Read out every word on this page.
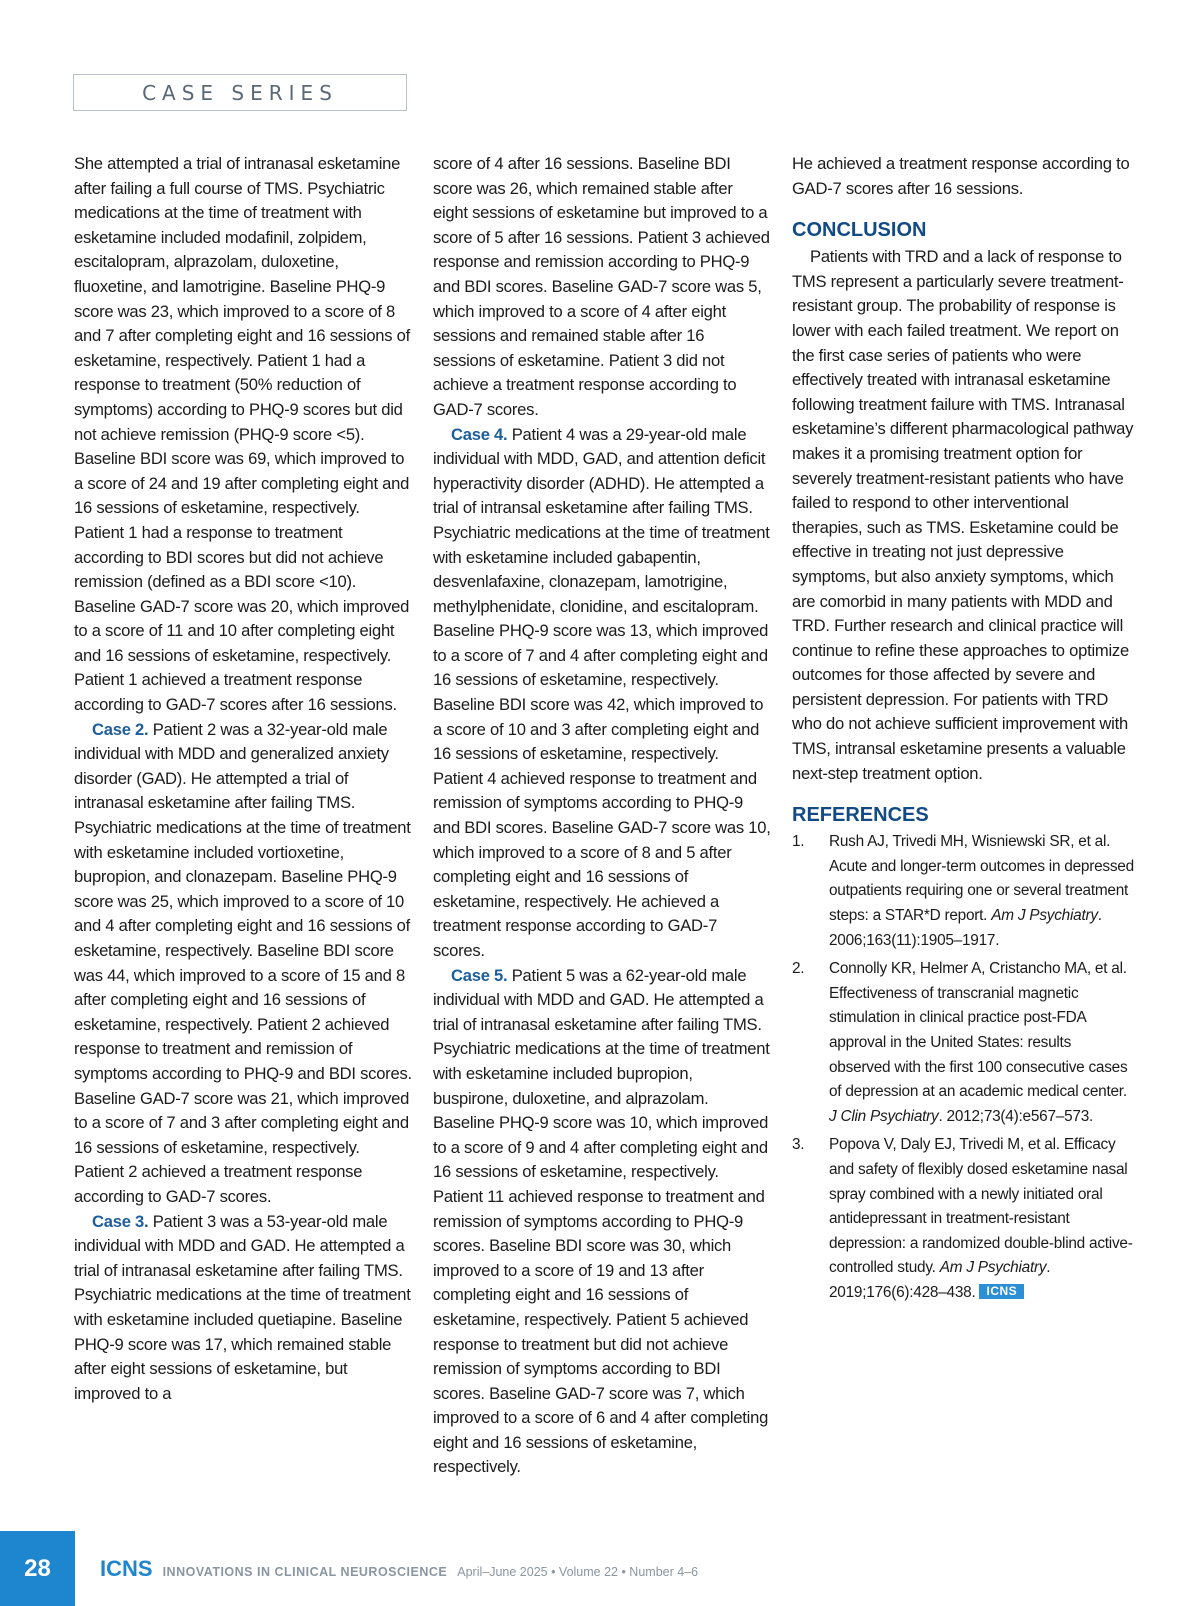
CASE SERIES

She attempted a trial of intranasal esketamine after failing a full course of TMS. Psychiatric medications at the time of treatment with esketamine included modafinil, zolpidem, escitalopram, alprazolam, duloxetine, fluoxetine, and lamotrigine. Baseline PHQ-9 score was 23, which improved to a score of 8 and 7 after completing eight and 16 sessions of esketamine, respectively. Patient 1 had a response to treatment (50% reduction of symptoms) according to PHQ-9 scores but did not achieve remission (PHQ-9 score <5). Baseline BDI score was 69, which improved to a score of 24 and 19 after completing eight and 16 sessions of esketamine, respectively. Patient 1 had a response to treatment according to BDI scores but did not achieve remission (defined as a BDI score <10). Baseline GAD-7 score was 20, which improved to a score of 11 and 10 after completing eight and 16 sessions of esketamine, respectively. Patient 1 achieved a treatment response according to GAD-7 scores after 16 sessions.

Case 2. Patient 2 was a 32-year-old male individual with MDD and generalized anxiety disorder (GAD). He attempted a trial of intranasal esketamine after failing TMS. Psychiatric medications at the time of treatment with esketamine included vortioxetine, bupropion, and clonazepam. Baseline PHQ-9 score was 25, which improved to a score of 10 and 4 after completing eight and 16 sessions of esketamine, respectively. Baseline BDI score was 44, which improved to a score of 15 and 8 after completing eight and 16 sessions of esketamine, respectively. Patient 2 achieved response to treatment and remission of symptoms according to PHQ-9 and BDI scores. Baseline GAD-7 score was 21, which improved to a score of 7 and 3 after completing eight and 16 sessions of esketamine, respectively. Patient 2 achieved a treatment response according to GAD-7 scores.

Case 3. Patient 3 was a 53-year-old male individual with MDD and GAD. He attempted a trial of intranasal esketamine after failing TMS. Psychiatric medications at the time of treatment with esketamine included quetiapine. Baseline PHQ-9 score was 17, which remained stable after eight sessions of esketamine, but improved to a

score of 4 after 16 sessions. Baseline BDI score was 26, which remained stable after eight sessions of esketamine but improved to a score of 5 after 16 sessions. Patient 3 achieved response and remission according to PHQ-9 and BDI scores. Baseline GAD-7 score was 5, which improved to a score of 4 after eight sessions and remained stable after 16 sessions of esketamine. Patient 3 did not achieve a treatment response according to GAD-7 scores.

Case 4. Patient 4 was a 29-year-old male individual with MDD, GAD, and attention deficit hyperactivity disorder (ADHD). He attempted a trial of intransal esketamine after failing TMS. Psychiatric medications at the time of treatment with esketamine included gabapentin, desvenlafaxine, clonazepam, lamotrigine, methylphenidate, clonidine, and escitalopram. Baseline PHQ-9 score was 13, which improved to a score of 7 and 4 after completing eight and 16 sessions of esketamine, respectively. Baseline BDI score was 42, which improved to a score of 10 and 3 after completing eight and 16 sessions of esketamine, respectively. Patient 4 achieved response to treatment and remission of symptoms according to PHQ-9 and BDI scores. Baseline GAD-7 score was 10, which improved to a score of 8 and 5 after completing eight and 16 sessions of esketamine, respectively. He achieved a treatment response according to GAD-7 scores.

Case 5. Patient 5 was a 62-year-old male individual with MDD and GAD. He attempted a trial of intranasal esketamine after failing TMS. Psychiatric medications at the time of treatment with esketamine included bupropion, buspirone, duloxetine, and alprazolam. Baseline PHQ-9 score was 10, which improved to a score of 9 and 4 after completing eight and 16 sessions of esketamine, respectively. Patient 11 achieved response to treatment and remission of symptoms according to PHQ-9 scores. Baseline BDI score was 30, which improved to a score of 19 and 13 after completing eight and 16 sessions of esketamine, respectively. Patient 5 achieved response to treatment but did not achieve remission of symptoms according to BDI scores. Baseline GAD-7 score was 7, which improved to a score of 6 and 4 after completing eight and 16 sessions of esketamine, respectively.

He achieved a treatment response according to GAD-7 scores after 16 sessions.

CONCLUSION

Patients with TRD and a lack of response to TMS represent a particularly severe treatment-resistant group. The probability of response is lower with each failed treatment. We report on the first case series of patients who were effectively treated with intranasal esketamine following treatment failure with TMS. Intranasal esketamine’s different pharmacological pathway makes it a promising treatment option for severely treatment-resistant patients who have failed to respond to other interventional therapies, such as TMS. Esketamine could be effective in treating not just depressive symptoms, but also anxiety symptoms, which are comorbid in many patients with MDD and TRD. Further research and clinical practice will continue to refine these approaches to optimize outcomes for those affected by severe and persistent depression. For patients with TRD who do not achieve sufficient improvement with TMS, intransal esketamine presents a valuable next-step treatment option.

REFERENCES
1. Rush AJ, Trivedi MH, Wisniewski SR, et al. Acute and longer-term outcomes in depressed outpatients requiring one or several treatment steps: a STAR*D report. Am J Psychiatry. 2006;163(11):1905–1917.
2. Connolly KR, Helmer A, Cristancho MA, et al. Effectiveness of transcranial magnetic stimulation in clinical practice post-FDA approval in the United States: results observed with the first 100 consecutive cases of depression at an academic medical center. J Clin Psychiatry. 2012;73(4):e567–573.
3. Popova V, Daly EJ, Trivedi M, et al. Efficacy and safety of flexibly dosed esketamine nasal spray combined with a newly initiated oral antidepressant in treatment-resistant depression: a randomized double-blind active-controlled study. Am J Psychiatry. 2019;176(6):428–438. ICNS
28	ICNS INNOVATIONS IN CLINICAL NEUROSCIENCE April–June 2025 • Volume 22 • Number 4–6
